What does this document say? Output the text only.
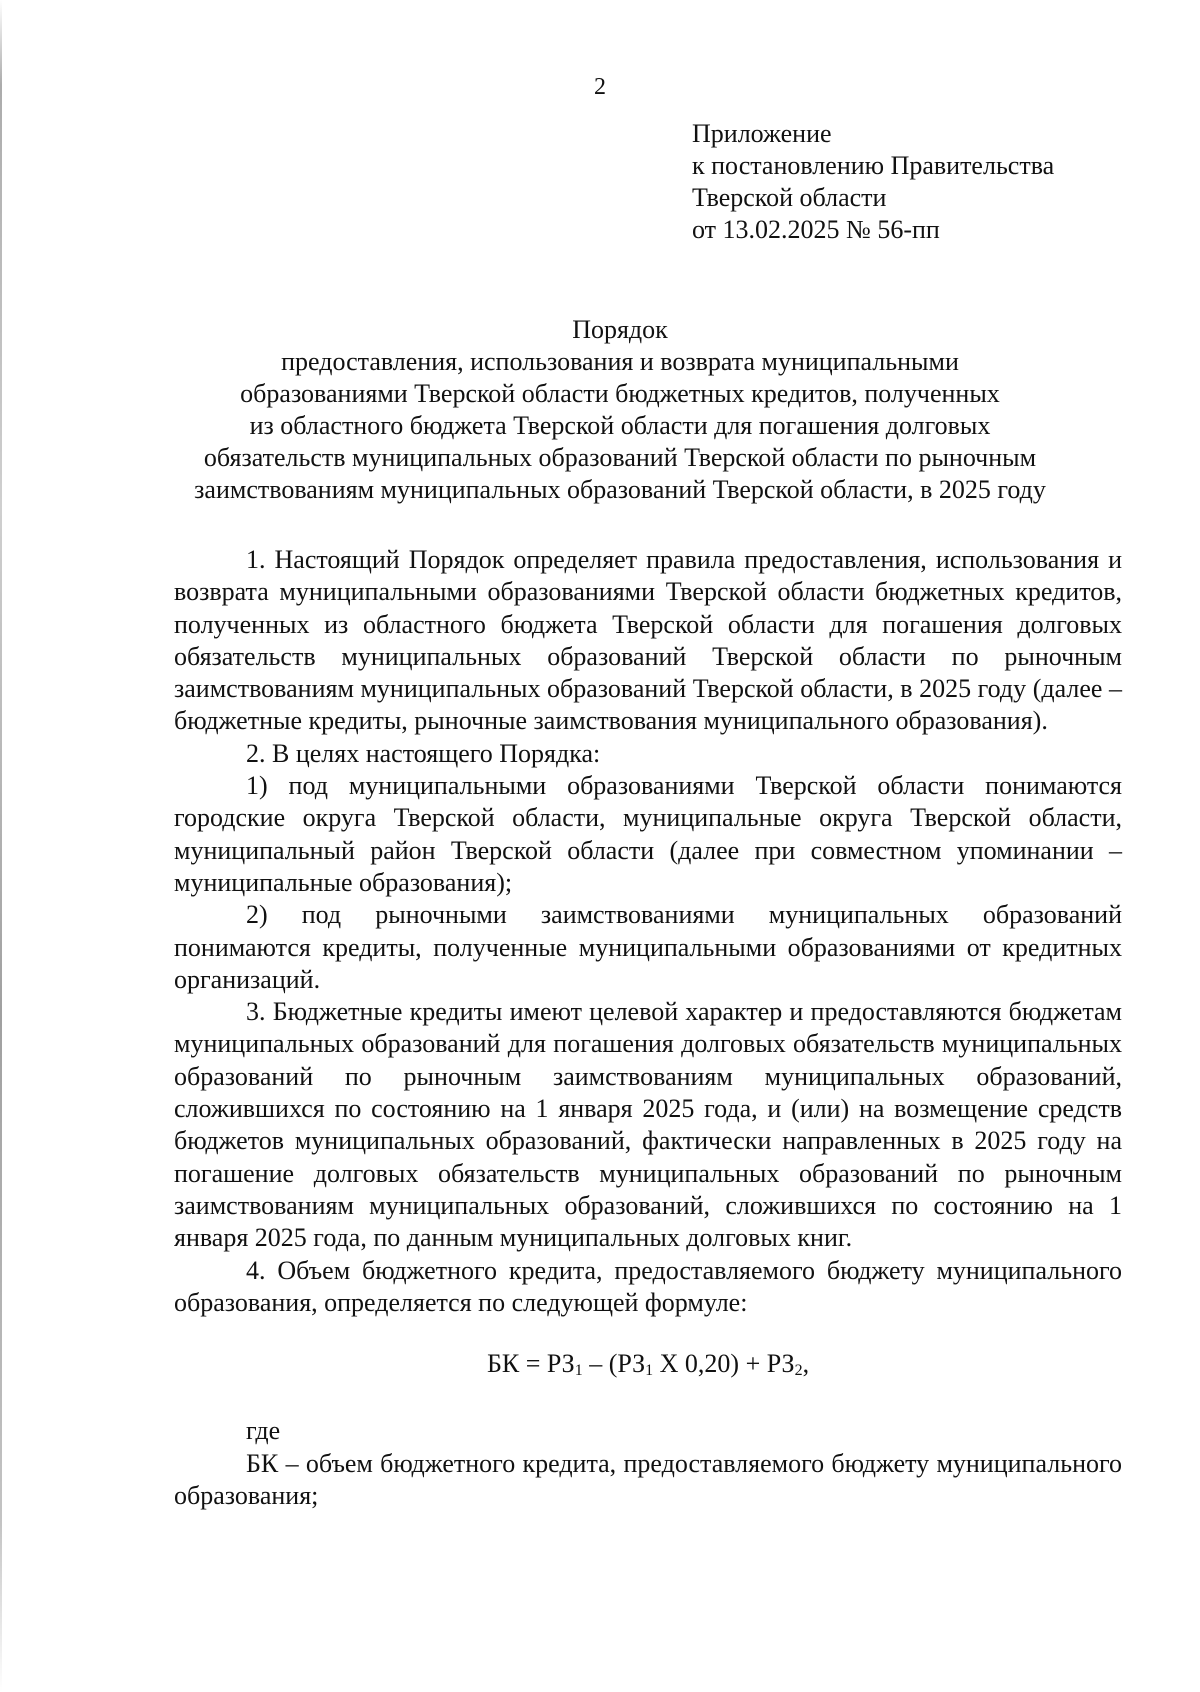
2
Приложение
к постановлению Правительства
Тверской области
от 13.02.2025 № 56-пп
Порядок
предоставления, использования и возврата муниципальными
образованиями Тверской области бюджетных кредитов, полученных
из областного бюджета Тверской области для погашения долговых
обязательств муниципальных образований Тверской области по рыночным
заимствованиям муниципальных образований Тверской области, в 2025 году

1. Настоящий Порядок определяет правила предоставления, использования и возврата муниципальными образованиями Тверской области бюджетных кредитов, полученных из областного бюджета Тверской области для погашения долговых обязательств муниципальных образований Тверской области по рыночным заимствованиям муниципальных образований Тверской области, в 2025 году (далее – бюджетные кредиты, рыночные заимствования муниципального образования).

2. В целях настоящего Порядка:

1) под муниципальными образованиями Тверской области понимаются городские округа Тверской области, муниципальные округа Тверской области, муниципальный район Тверской области (далее при совместном упоминании – муниципальные образования);

2) под рыночными заимствованиями муниципальных образований понимаются кредиты, полученные муниципальными образованиями от кредитных организаций.

3. Бюджетные кредиты имеют целевой характер и предоставляются бюджетам муниципальных образований для погашения долговых обязательств муниципальных образований по рыночным заимствованиям муниципальных образований, сложившихся по состоянию на 1 января 2025 года, и (или) на возмещение средств бюджетов муниципальных образований, фактически направленных в 2025 году на погашение долговых обязательств муниципальных образований по рыночным заимствованиям муниципальных образований, сложившихся по состоянию на 1 января 2025 года, по данным муниципальных долговых книг.

4. Объем бюджетного кредита, предоставляемого бюджету муниципального образования, определяется по следующей формуле:

БК = $РЗ_1 - (РЗ_1$ Х $0,20) + РЗ_2$,

где

БК – объем бюджетного кредита, предоставляемого бюджету муниципального образования;
